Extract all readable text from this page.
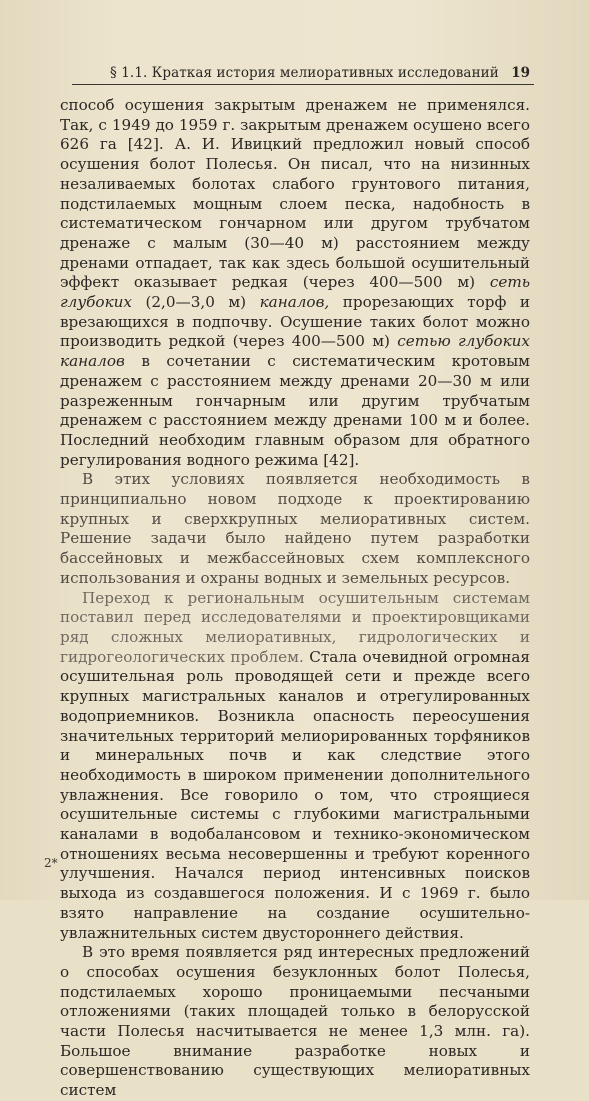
§ 1.1. Краткая история мелиоративных исследований 19

способ осушения закрытым дренажем не применялся. Так, с 1949 до 1959 г. закрытым дренажем осушено всего 626 га [42]. А. И. Ивицкий предложил новый способ осушения болот Полесья. Он писал, что на низинных незаливаемых болотах слабого грунтового питания, подстилаемых мощным слоем песка, надобность в систематическом гончарном или другом трубчатом дренаже с малым (30—40 м) расстоянием между дренами отпадает, так как здесь большой осушительный эффект оказывает редкая (через 400—500 м) сеть глубоких (2,0—3,0 м) каналов, прорезающих торф и врезающихся в подпочву. Осушение таких болот можно производить редкой (через 400—500 м) сетью глубоких каналов в сочетании с систематическим кротовым дренажем с расстоянием между дренами 20—30 м или разреженным гончарным или другим трубчатым дренажем с расстоянием между дренами 100 м и более. Последний необходим главным образом для обратного регулирования водного режима [42].

В этих условиях появляется необходимость в принципиально новом подходе к проектированию крупных и сверхкрупных мелиоративных систем. Решение задачи было найдено путем разработки бассейновых и межбассейновых схем комплексного использования и охраны водных и земельных ресурсов.

Переход к региональным осушительным системам поставил перед исследователями и проектировщиками ряд сложных мелиоративных, гидрологических и гидрогеологических проблем. Стала очевидной огромная осушительная роль проводящей сети и прежде всего крупных магистральных каналов и отрегулированных водоприемников. Возникла опасность переосушения значительных территорий мелиорированных торфяников и минеральных почв и как следствие этого необходимость в широком применении дополнительного увлажнения. Все говорило о том, что строящиеся осушительные системы с глубокими магистральными каналами в водобалансовом и технико-экономическом отношениях весьма несовершенны и требуют коренного улучшения. Начался период интенсивных поисков выхода из создавшегося положения. И с 1969 г. было взято направление на создание осушительно-увлажнительных систем двустороннего действия.

В это время появляется ряд интересных предложений о способах осушения безуклонных болот Полесья, подстилаемых хорошо проницаемыми песчаными отложениями (таких площадей только в белорусской части Полесья насчитывается не менее 1,3 млн. га). Большое внимание разработке новых и совершенствованию существующих мелиоративных систем

2*
